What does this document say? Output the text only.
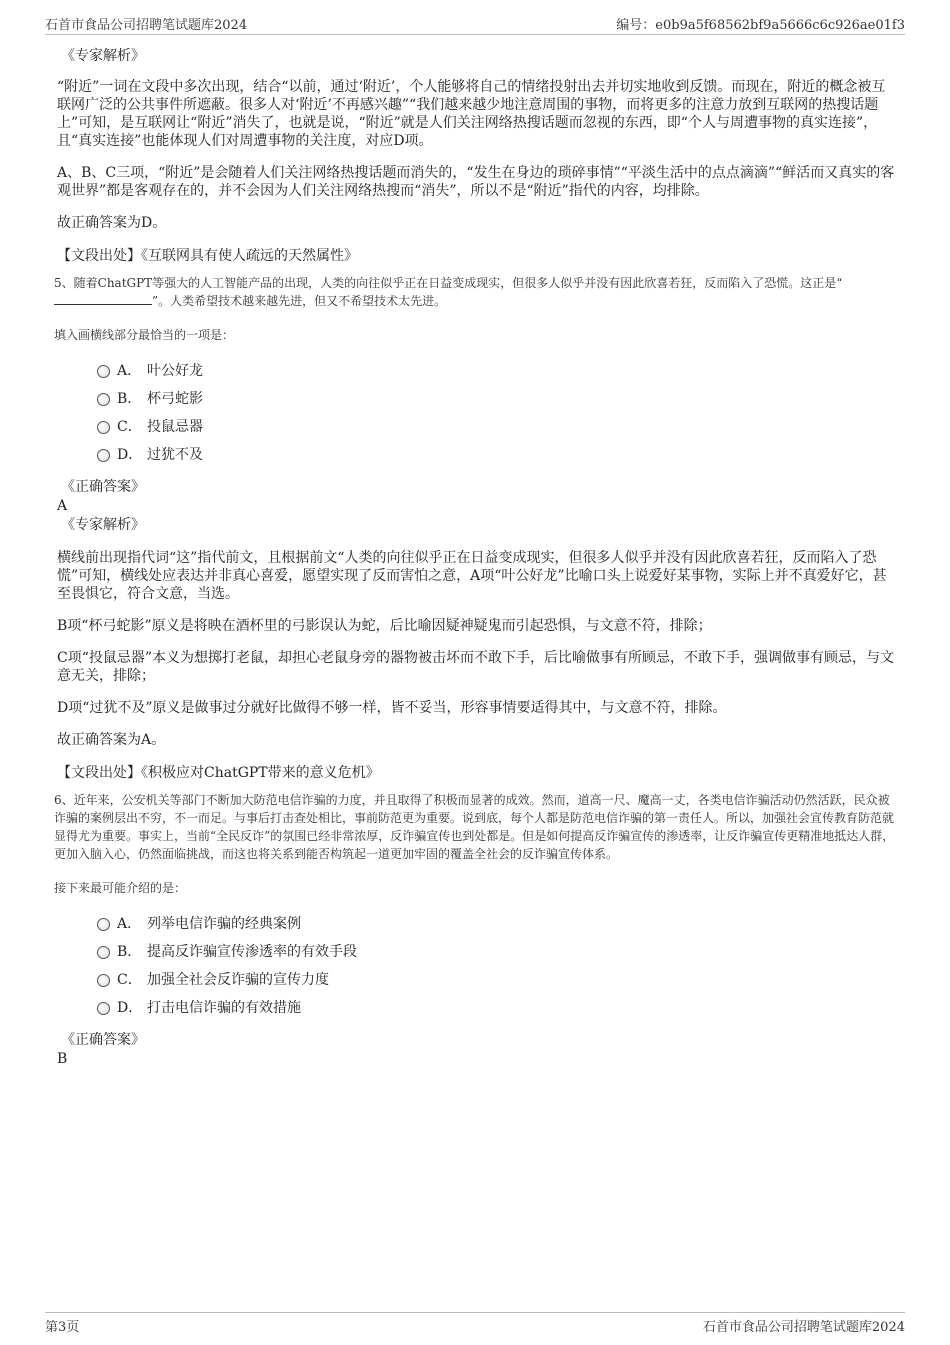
石首市食品公司招聘笔试题库2024	编号：e0b9a5f68562bf9a5666c6c926ae01f3
《专家解析》

“附近”一词在文段中多次出现，结合“以前，通过‘附近’，个人能够将自己的情绪投射出去并切实地收到反馈。而现在，附近的概念被互联网广泛的公共事件所遮蔽。很多人对‘附近’不再感兴趣”“我们越来越少地注意周围的事物，而将更多的注意力放到互联网的热搜话题上”可知，是互联网让“附近”消失了，也就是说，“附近”就是人们关注网络热搜话题而忽视的东西，即“个人与周遭事物的真实连接”，且“真实连接”也能体现人们对周遭事物的关注度，对应D项。

A、B、C三项，“附近”是会随着人们关注网络热搜话题而消失的，“发生在身边的琐碎事情”“平淡生活中的点点滴滴”“鲜活而又真实的客观世界”都是客观存在的，并不会因为人们关注网络热搜而“消失”，所以不是“附近”指代的内容，均排除。

故正确答案为D。

【文段出处】《互联网具有使人疏远的天然属性》
5、随着ChatGPT等强大的人工智能产品的出现，人类的向往似乎正在日益变成现实，但很多人似乎并没有因此欣喜若狂，反而陷入了恐慌。这正是“”。人类希望技术越来越先进，但又不希望技术太先进。
填入画横线部分最恰当的一项是：
A． 叶公好龙
B． 杯弓蛇影
C． 投鼠忌器
D． 过犹不及
《正确答案》

A

《专家解析》

横线前出现指代词“这”指代前文，且根据前文“人类的向往似乎正在日益变成现实，但很多人似乎并没有因此欣喜若狂，反而陷入了恐慌”可知，横线处应表达并非真心喜爱，愿望实现了反而害怕之意，A项“叶公好龙”比喻口头上说爱好某事物，实际上并不真爱好它，甚至畏惧它，符合文意，当选。

B项“杯弓蛇影”原义是将映在酒杯里的弓影误认为蛇，后比喻因疑神疑鬼而引起恐惧，与文意不符，排除；

C项“投鼠忌器”本义为想掷打老鼠，却担心老鼠身旁的器物被击坏而不敢下手，后比喻做事有所顾忌，不敢下手，强调做事有顾忌，与文意无关，排除；

D项“过犹不及”原义是做事过分就好比做得不够一样，皆不妥当，形容事情要适得其中，与文意不符，排除。

故正确答案为A。

【文段出处】《积极应对ChatGPT带来的意义危机》
6、近年来，公安机关等部门不断加大防范电信诈骗的力度，并且取得了积极而显著的成效。然而，道高一尺、魔高一丈，各类电信诈骗活动仍然活跃，民众被诈骗的案例层出不穷，不一而足。与事后打击查处相比，事前防范更为重要。说到底，每个人都是防范电信诈骗的第一责任人。所以，加强社会宣传教育防范就显得尤为重要。事实上，当前“全民反诈”的氛围已经非常浓厚，反诈骗宣传也到处都是。但是如何提高反诈骗宣传的渗透率，让反诈骗宣传更精准地抵达人群，更加入脑入心，仍然面临挑战，而这也将关系到能否构筑起一道更加牢固的覆盖全社会的反诈骗宣传体系。
接下来最可能介绍的是：
A． 列举电信诈骗的经典案例
B． 提高反诈骗宣传渗透率的有效手段
C． 加强全社会反诈骗的宣传力度
D． 打击电信诈骗的有效措施
《正确答案》

B

第3页	石首市食品公司招聘笔试题库2024
